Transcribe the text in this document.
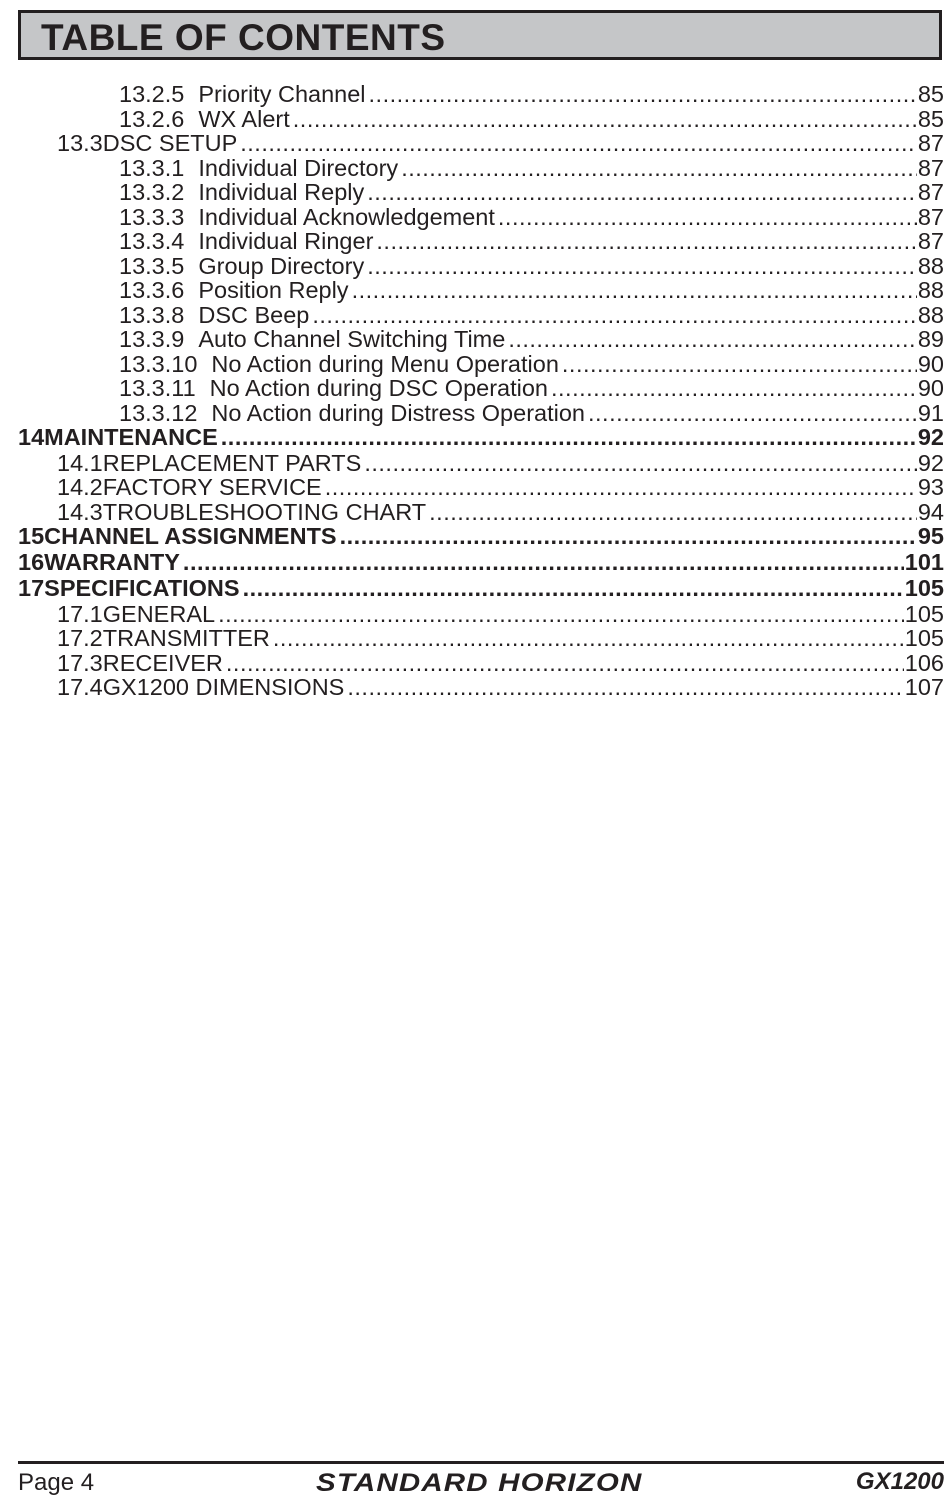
TABLE OF CONTENTS
13.2.5 Priority Channel .....	85
13.2.6 WX Alert .....	85
13.3 DSC SETUP .....	87
13.3.1 Individual Directory .....	87
13.3.2 Individual Reply .....	87
13.3.3 Individual Acknowledgement .....	87
13.3.4 Individual Ringer .....	87
13.3.5 Group Directory .....	88
13.3.6 Position Reply .....	88
13.3.8 DSC Beep .....	88
13.3.9 Auto Channel Switching Time .....	89
13.3.10 No Action during Menu Operation .....	90
13.3.11 No Action during DSC Operation .....	90
13.3.12 No Action during Distress Operation .....	91
14 MAINTENANCE .....	92
14.1 REPLACEMENT PARTS .....	92
14.2 FACTORY SERVICE .....	93
14.3 TROUBLESHOOTING CHART .....	94
15 CHANNEL ASSIGNMENTS .....	95
16 WARRANTY .....	101
17 SPECIFICATIONS .....	105
17.1 GENERAL .....	105
17.2 TRANSMITTER .....	105
17.3 RECEIVER .....	106
17.4 GX1200 DIMENSIONS .....	107
Page 4	STANDARD HORIZON	GX1200
